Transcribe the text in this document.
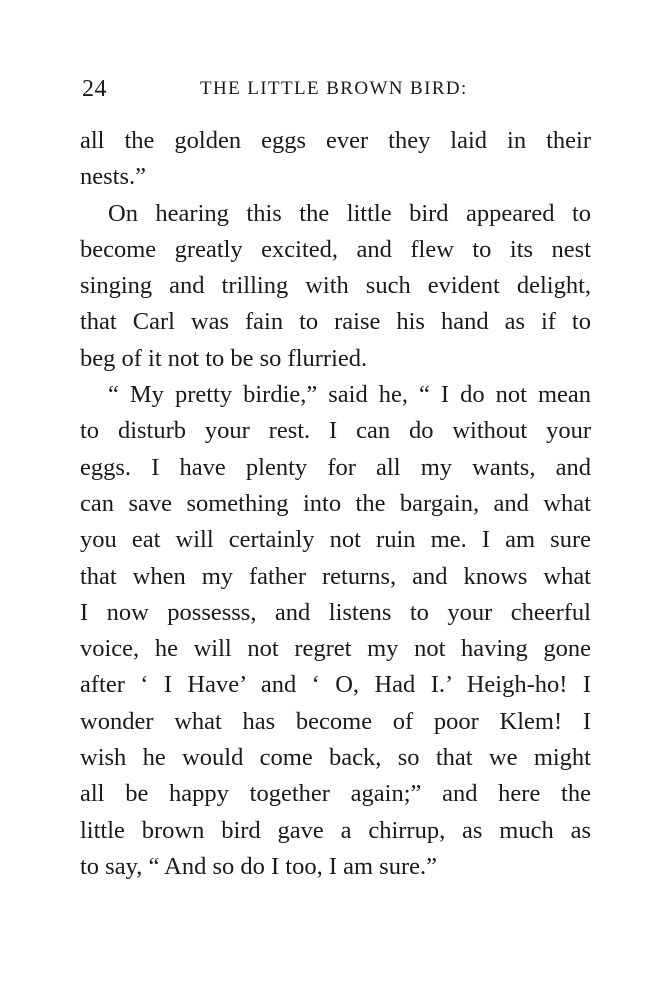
24	THE LITTLE BROWN BIRD:
all the golden eggs ever they laid in their
nests.”
On hearing this the little bird appeared to
become greatly excited, and flew to its nest
singing and trilling with such evident delight,
that Carl was fain to raise his hand as if to
beg of it not to be so flurried.
“ My pretty birdie,” said he, “ I do not mean
to disturb your rest. I can do without your
eggs. I have plenty for all my wants, and
can save something into the bargain, and what
you eat will certainly not ruin me. I am sure
that when my father returns, and knows what
I now possesss, and listens to your cheerful
voice, he will not regret my not having gone
after ‘ I Have’ and ‘ O, Had I.’ Heigh-ho! I
wonder what has become of poor Klem! I
wish he would come back, so that we might
all be happy together again;” and here the
little brown bird gave a chirrup, as much as
to say, “ And so do I too, I am sure.”
